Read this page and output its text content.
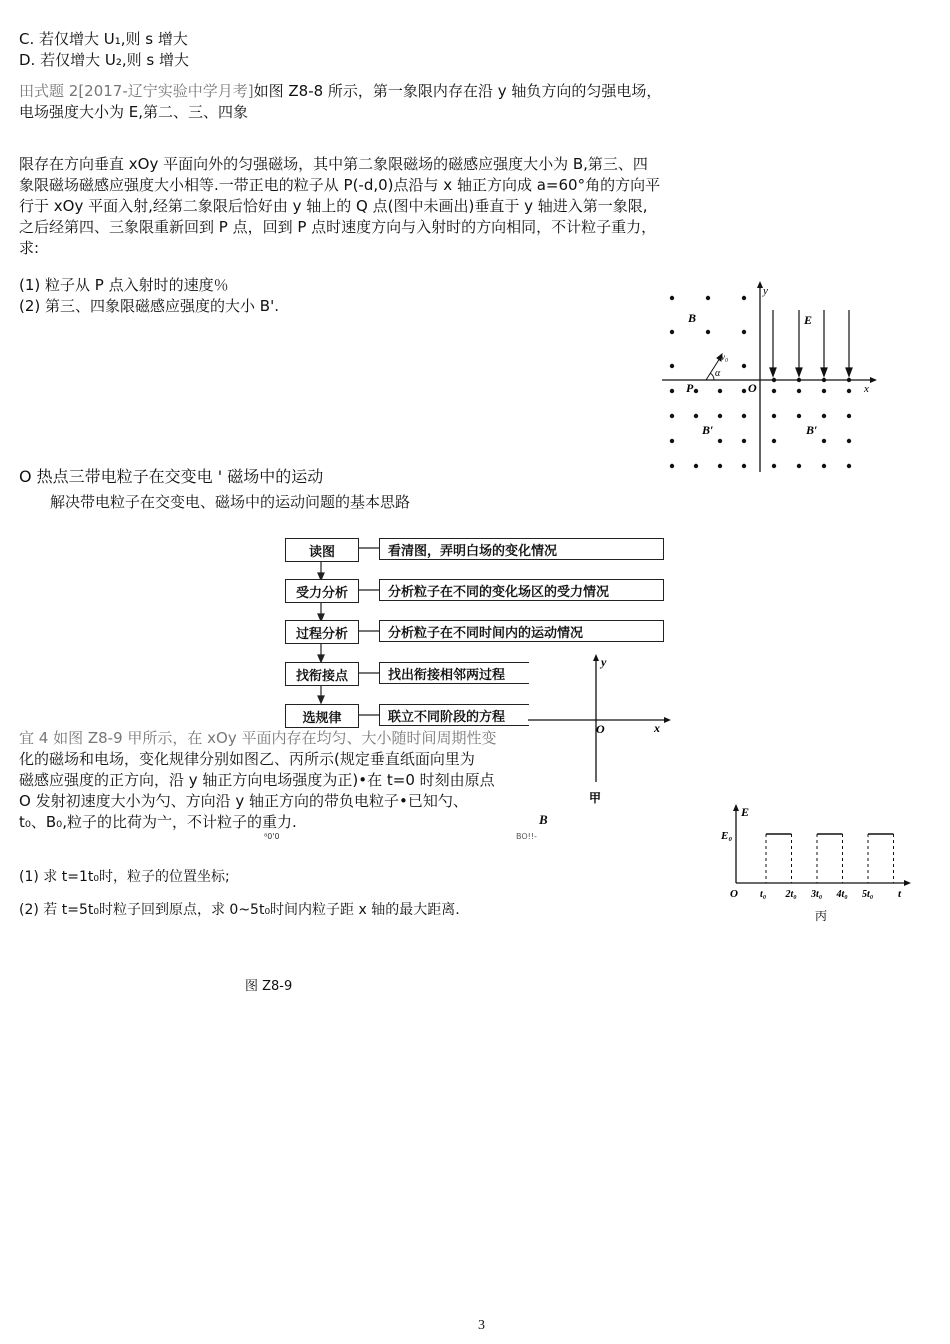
C. 若仅增大 U₁,则 s 增大
D. 若仅增大 U₂,则 s 增大
田式题 2[2017-辽宁实验中学月考]如图 Z8-8 所示，第一象限内存在沿 y 轴负方向的匀强电场，
电场强度大小为 E,第二、三、四象
限存在方向垂直 xOy 平面向外的匀强磁场，其中第二象限磁场的磁感应强度大小为 B,第三、四
象限磁场磁感应强度大小相等.一带正电的粒子从 P(-d,0)点沿与 x 轴正方向成 a=60°角的方向平
行于 xOy 平面入射,经第二象限后恰好由 y 轴上的 Q 点(图中未画出)垂直于 y 轴进入第一象限,
之后经第四、三象限重新回到 P 点，回到 P 点时速度方向与入射时的方向相同，不计粒子重力，
求:
(1) 粒子从 P 点入射时的速度％
(2) 第三、四象限磁感应强度的大小 B'.
y
x
E
B
P	O
v₀
α
B′	B′
O 热点三带电粒子在交变电 ' 磁场中的运动
解决带电粒子在交变电、磁场中的运动问题的基本思路
读图
受力分析
过程分析
找衔接点
选规律
看清图，弄明白场的变化情况
分析粒子在不同的变化场区的受力情况
分析粒子在不同时间内的运动情况
找出衔接相邻两过程
联立不同阶段的方程
y
x
O
甲
宜 4 如图 Z8-9 甲所示，在 xOy 平面内存在均匀、大小随时间周期性变
化的磁场和电场，变化规律分别如图乙、丙所示(规定垂直纸面向里为
磁感应强度的正方向，沿 y 轴正方向电场强度为正)•在 t=0 时刻由原点
O 发射初速度大小为勺、方向沿 y 轴正方向的带负电粒子•已知勺、
t₀、B₀,粒子的比荷为亠，不计粒子的重力.
⁸0'0
B
BO!!-
(1) 求 t=1t₀时，粒子的位置坐标;
(2) 若 t=5t₀时粒子回到原点，求 0~5t₀时间内粒子距 x 轴的最大距离.
图 Z8-9
E
E₀
O	t
t₀ 2t₀ 3t₀ 4t₀ 5t₀
丙
3
